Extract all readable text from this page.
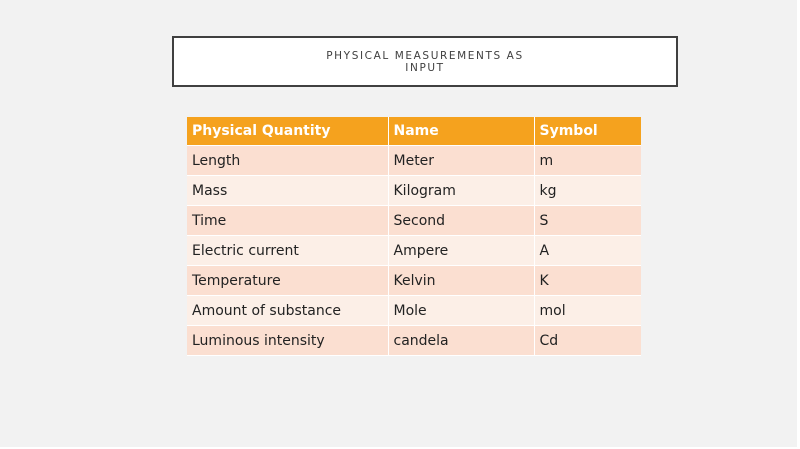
PHYSICAL MEASUREMENTS AS INPUT
Physical Quantity	Name	Symbol
Length	Meter	m
Mass	Kilogram	kg
Time	Second	S
Electric current	Ampere	A
Temperature	Kelvin	K
Amount of substance	Mole	mol
Luminous intensity	candela	Cd
